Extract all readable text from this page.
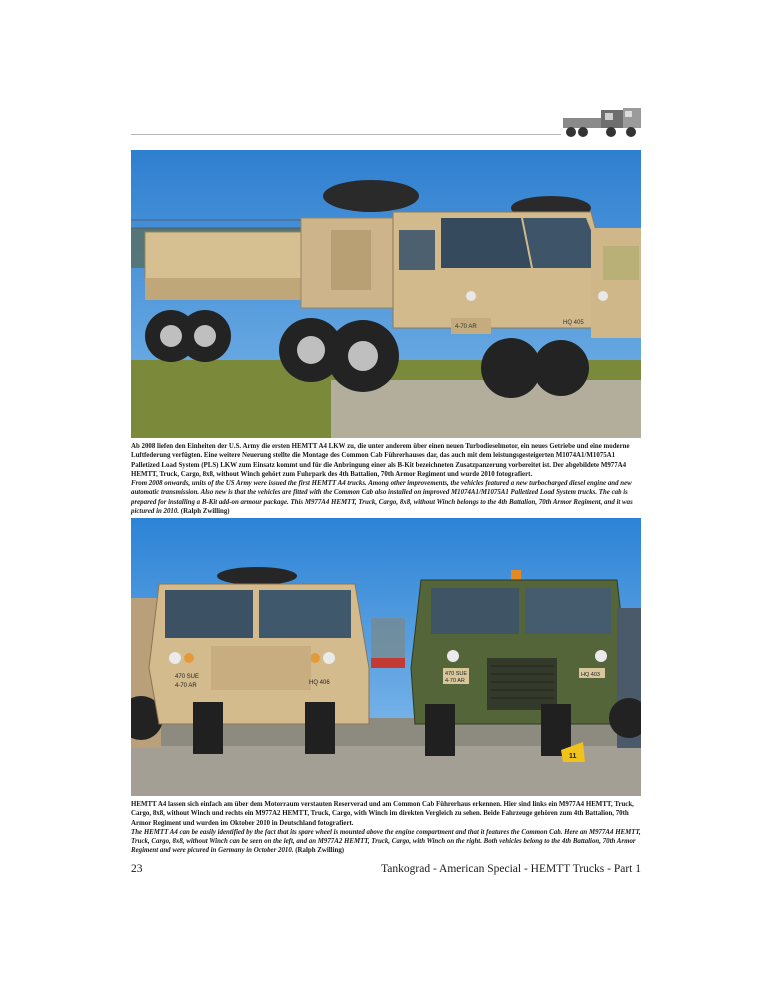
4-70 AR
HQ 405

Ab 2008 liefen den Einheiten der U.S. Army die ersten HEMTT A4 LKW zu, die unter anderem über einen neuen Turbodieselmotor, ein neues Getriebe und eine moderne Luftfederung verfügten. Eine weitere Neuerung stellte die Montage des Common Cab Führerhauses dar, das auch mit dem leistungsgesteigerten M1074A1/M1075A1 Palletized Load System (PLS) LKW zum Einsatz kommt und für die Anbringung einer als B-Kit bezeichneten Zusatzpanzerung vorbereitet ist. Der abgebildete M977A4 HEMTT, Truck, Cargo, 8x8, without Winch gehört zum Fuhrpark des 4th Battalion, 70th Armor Regiment und wurde 2010 fotografiert.

From 2008 onwards, units of the US Army were issued the first HEMTT A4 trucks. Among other improvements, the vehicles featured a new turbocharged diesel engine and new automatic transmission. Also new is that the vehicles are fitted with the Common Cab also installed on improved M1074A1/M1075A1 Palletized Load System trucks. The cab is prepared for installing a B-Kit add-on armour package. This M977A4 HEMTT, Truck, Cargo, 8x8, without Winch belongs to the 4th Battalion, 70th Armor Regiment, and it was pictured in 2010. (Ralph Zwilling)

470 SUE
4-70 AR	HQ 406
470 SUE
4-70 AR
HQ 403
11

HEMTT A4 lassen sich einfach am über dem Motorraum verstauten Reserverad und am Common Cab Führerhaus erkennen. Hier sind links ein M977A4 HEMTT, Truck, Cargo, 8x8, without Winch und rechts ein M977A2 HEMTT, Truck, Cargo, with Winch im direkten Vergleich zu sehen. Beide Fahrzeuge gehören zum 4th Battalion, 70th Armor Regiment und wurden im Oktober 2010 in Deutschland fotografiert.

The HEMTT A4 can be easily identified by the fact that its spare wheel is mounted above the engine compartment and that it features the Common Cab. Here an M977A4 HEMTT, Truck, Cargo, 8x8, without Winch can be seen on the left, and an M977A2 HEMTT, Truck, Cargo, with Winch on the right. Both vehicles belong to the 4th Battalion, 70th Armor Regiment and were picured in Germany in October 2010. (Ralph Zwilling)

23	Tankograd - American Special - HEMTT Trucks - Part 1
